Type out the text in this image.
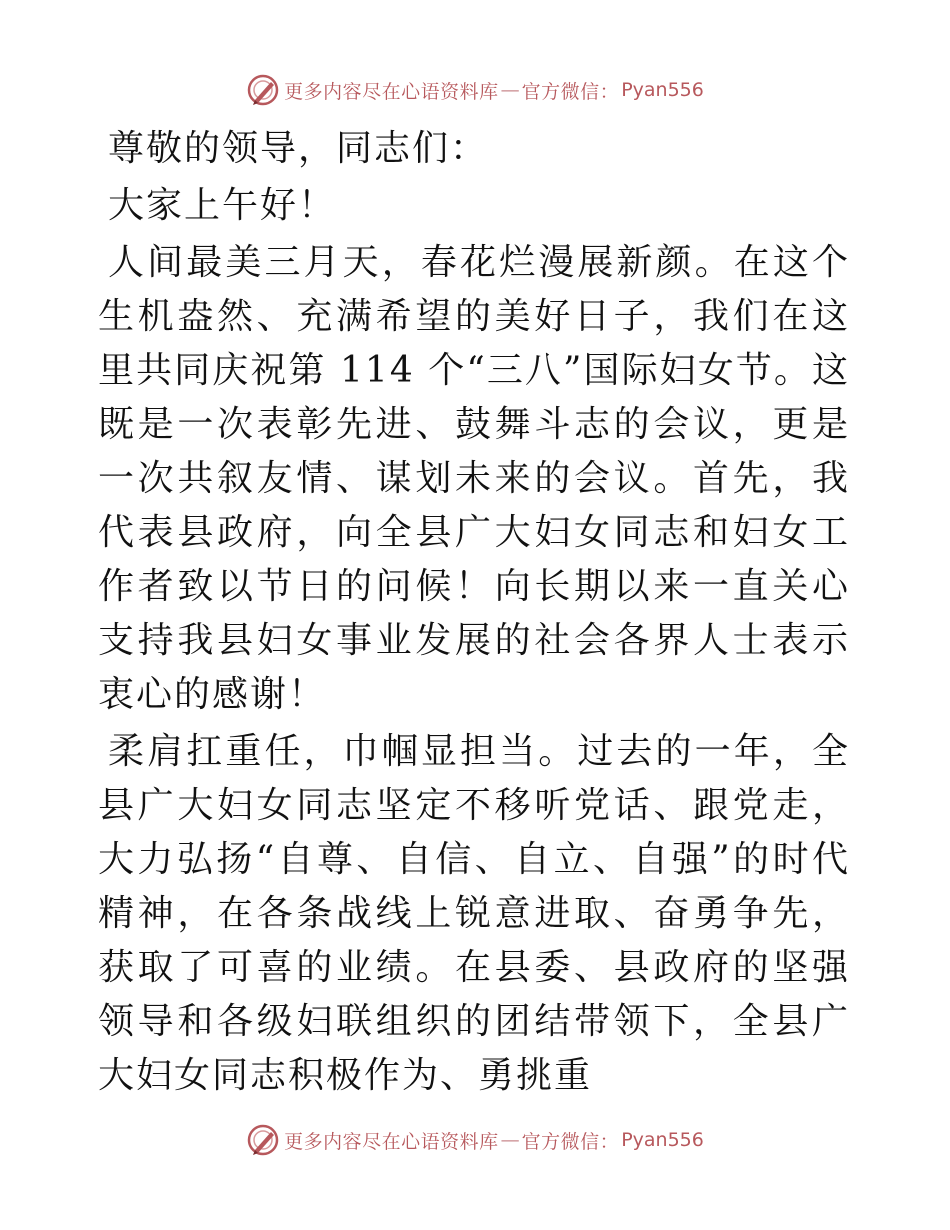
更多内容尽在心语资料库 — 官方微信： Pyan556

尊敬的领导，同志们：

大家上午好！

人间最美三月天，春花烂漫展新颜。在这个生机盎然、充满希望的美好日子，我们在这里共同庆祝第 114 个“三八”国际妇女节。这既是一次表彰先进、鼓舞斗志的会议，更是一次共叙友情、谋划未来的会议。首先，我代表县政府，向全县广大妇女同志和妇女工作者致以节日的问候！向长期以来一直关心支持我县妇女事业发展的社会各界人士表示衷心的感谢！

柔肩扛重任，巾帼显担当。过去的一年，全县广大妇女同志坚定不移听党话、跟党走，大力弘扬“自尊、自信、自立、自强”的时代精神，在各条战线上锐意进取、奋勇争先，获取了可喜的业绩。在县委、县政府的坚强领导和各级妇联组织的团结带领下，全县广大妇女同志积极作为、勇挑重

更多内容尽在心语资料库 — 官方微信： Pyan556
